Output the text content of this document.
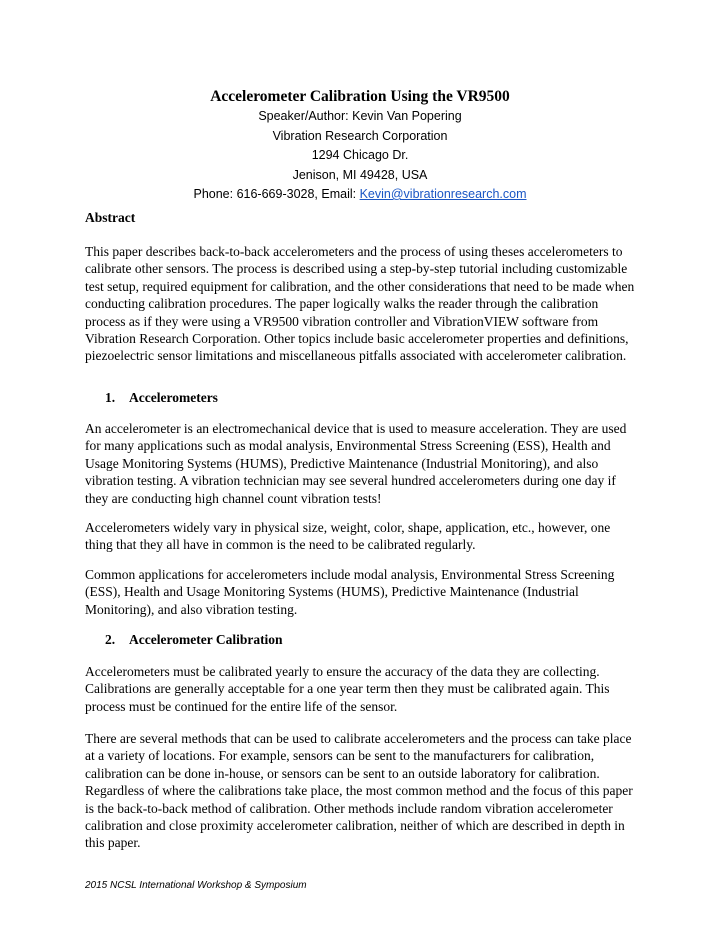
Accelerometer Calibration Using the VR9500
Speaker/Author: Kevin Van Popering
Vibration Research Corporation
1294 Chicago Dr.
Jenison, MI 49428, USA
Phone: 616-669-3028, Email: Kevin@vibrationresearch.com
Abstract

This paper describes back-to-back accelerometers and the process of using theses accelerometers to calibrate other sensors. The process is described using a step-by-step tutorial including customizable test setup, required equipment for calibration, and the other considerations that need to be made when conducting calibration procedures. The paper logically walks the reader through the calibration process as if they were using a VR9500 vibration controller and VibrationVIEW software from Vibration Research Corporation. Other topics include basic accelerometer properties and definitions, piezoelectric sensor limitations and miscellaneous pitfalls associated with accelerometer calibration.

1. Accelerometers

An accelerometer is an electromechanical device that is used to measure acceleration. They are used for many applications such as modal analysis, Environmental Stress Screening (ESS), Health and Usage Monitoring Systems (HUMS), Predictive Maintenance (Industrial Monitoring), and also vibration testing. A vibration technician may see several hundred accelerometers during one day if they are conducting high channel count vibration tests!

Accelerometers widely vary in physical size, weight, color, shape, application, etc., however, one thing that they all have in common is the need to be calibrated regularly.

Common applications for accelerometers include modal analysis, Environmental Stress Screening (ESS), Health and Usage Monitoring Systems (HUMS), Predictive Maintenance (Industrial Monitoring), and also vibration testing.

2. Accelerometer Calibration

Accelerometers must be calibrated yearly to ensure the accuracy of the data they are collecting. Calibrations are generally acceptable for a one year term then they must be calibrated again. This process must be continued for the entire life of the sensor.

There are several methods that can be used to calibrate accelerometers and the process can take place at a variety of locations. For example, sensors can be sent to the manufacturers for calibration, calibration can be done in-house, or sensors can be sent to an outside laboratory for calibration. Regardless of where the calibrations take place, the most common method and the focus of this paper is the back-to-back method of calibration. Other methods include random vibration accelerometer calibration and close proximity accelerometer calibration, neither of which are described in depth in this paper.

2015 NCSL International Workshop & Symposium
